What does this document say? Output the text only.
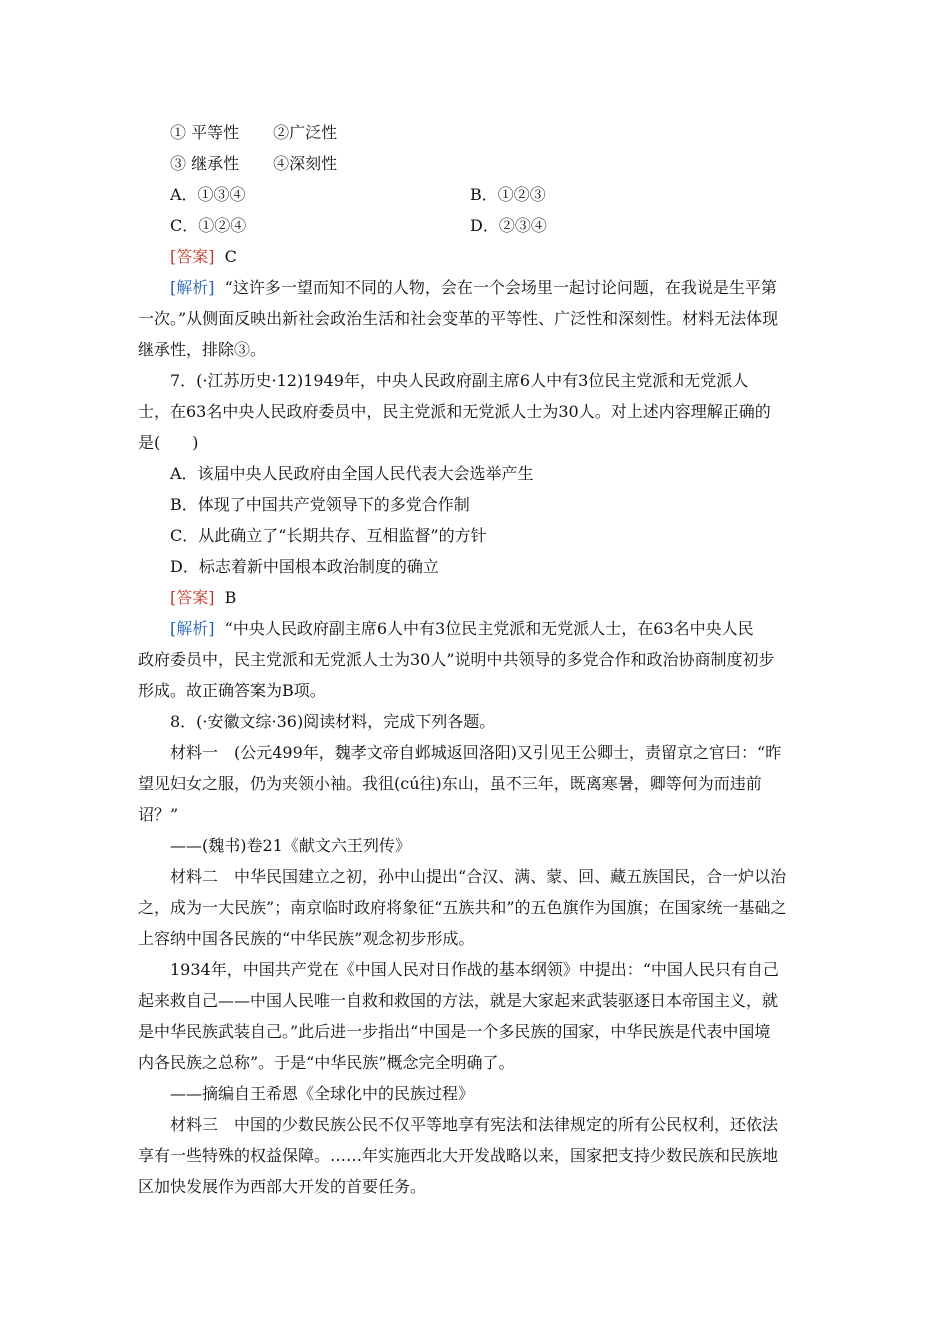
① 平等性 ②广泛性
③ 继承性 ④深刻性
A．①③④	B．①②③
C．①②④	D．②③④
[答案] C
[解析] “这许多一望而知不同的人物，会在一个会场里一起讨论问题，在我说是生平第
一次。”从侧面反映出新社会政治生活和社会变革的平等性、广泛性和深刻性。材料无法体现
继承性，排除③。
7．(·江苏历史·12)1949年，中央人民政府副主席6人中有3位民主党派和无党派人
士，在63名中央人民政府委员中，民主党派和无党派人士为30人。对上述内容理解正确的
是(　　)
A．该届中央人民政府由全国人民代表大会选举产生
B．体现了中国共产党领导下的多党合作制
C．从此确立了“长期共存、互相监督”的方针
D．标志着新中国根本政治制度的确立
[答案] B
[解析] “中央人民政府副主席6人中有3位民主党派和无党派人士，在63名中央人民
政府委员中，民主党派和无党派人士为30人”说明中共领导的多党合作和政治协商制度初步
形成。故正确答案为B项。
8．(·安徽文综·36)阅读材料，完成下列各题。
材料一　(公元499年，魏孝文帝自邺城返回洛阳)又引见王公卿士，责留京之官曰：“昨
望见妇女之服，仍为夹领小袖。我徂(cú往)东山，虽不三年，既离寒暑，卿等何为而违前
诏？”
——(魏书)卷21《献文六王列传》
材料二　中华民国建立之初，孙中山提出“合汉、满、蒙、回、藏五族国民，合一炉以治
之，成为一大民族”；南京临时政府将象征“五族共和”的五色旗作为国旗；在国家统一基础之
上容纳中国各民族的“中华民族”观念初步形成。
1934年，中国共产党在《中国人民对日作战的基本纲领》中提出：“中国人民只有自己
起来救自己——中国人民唯一自救和救国的方法，就是大家起来武装驱逐日本帝国主义，就
是中华民族武装自己。”此后进一步指出“中国是一个多民族的国家，中华民族是代表中国境
内各民族之总称”。于是“中华民族”概念完全明确了。
——摘编自王希恩《全球化中的民族过程》
材料三　中国的少数民族公民不仅平等地享有宪法和法律规定的所有公民权利，还依法
享有一些特殊的权益保障。……年实施西北大开发战略以来，国家把支持少数民族和民族地
区加快发展作为西部大开发的首要任务。
